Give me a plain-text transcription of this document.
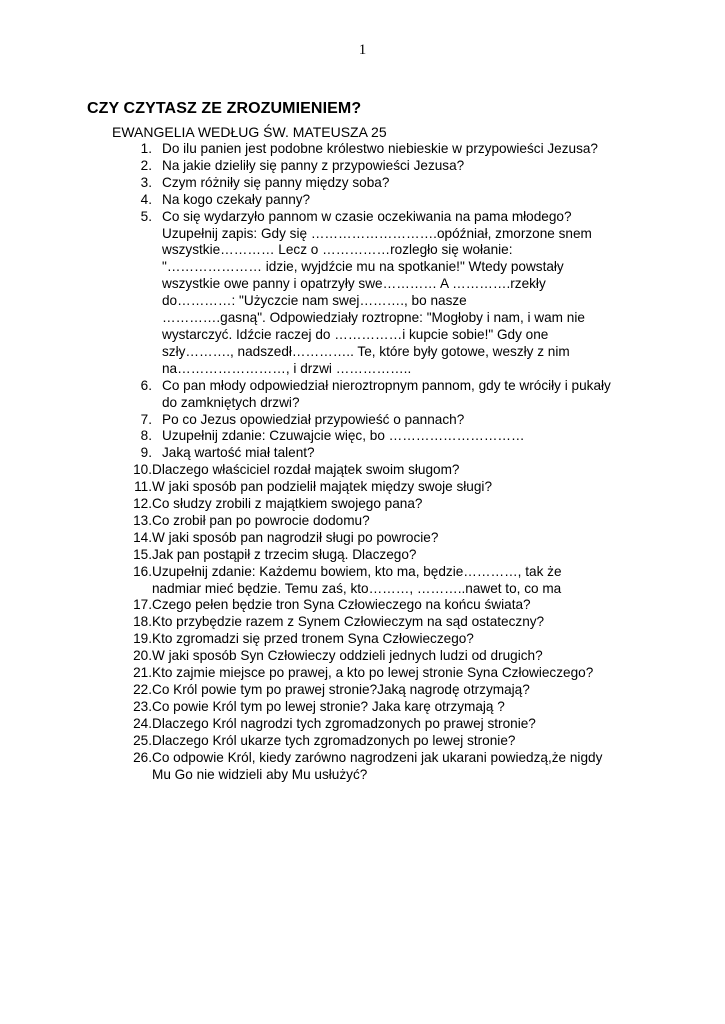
1
CZY CZYTASZ ZE ZROZUMIENIEM?
EWANGELIA WEDŁUG ŚW. MATEUSZA 25
1. Do ilu panien jest podobne królestwo niebieskie w przypowieści Jezusa?
2. Na jakie dzieliły się panny z przypowieści Jezusa?
3. Czym różniły się panny między soba?
4. Na kogo czekały panny?
5. Co się wydarzyło pannom w czasie oczekiwania na pama młodego?
Uzupełnij zapis: Gdy się ……………………….opóźniał, zmorzone snem
wszystkie………… Lecz o ……………rozległo się wołanie:
"………………… idzie, wyjdźcie mu na spotkanie!" Wtedy powstały
wszystkie owe panny i opatrzyły swe………… A ………….rzekły
do…………: "Użyczcie nam swej………., bo nasze
………….gasną". Odpowiedziały roztropne: "Mogłoby i nam, i wam nie
wystarczyć. Idźcie raczej do ……………i kupcie sobie!" Gdy one
szły………., nadszedł………….. Te, które były gotowe, weszły z nim
na……………………, i drzwi ……………..
6. Co pan młody odpowiedział nieroztropnym pannom, gdy te wróciły i pukały
do zamkniętych drzwi?
7. Po co Jezus opowiedział przypowieść o pannach?
8. Uzupełnij zdanie: Czuwajcie więc, bo …………………………
9. Jaką wartość miał talent?
10. Dlaczego właściciel rozdał majątek swoim sługom?
11. W jaki sposób pan podzielił majątek między swoje sługi?
12. Co słudzy zrobili z majątkiem swojego pana?
13. Co zrobił pan po powrocie dodomu?
14. W jaki sposób pan nagrodził sługi po powrocie?
15. Jak pan postąpił z trzecim sługą. Dlaczego?
16. Uzupełnij zdanie: Każdemu bowiem, kto ma, będzie…………, tak że
nadmiar mieć będzie. Temu zaś, kto………, ………..nawet to, co ma
17. Czego pełen będzie tron Syna Człowieczego na końcu świata?
18. Kto przybędzie razem z Synem Człowieczym na sąd ostateczny?
19. Kto zgromadzi się przed tronem Syna Człowieczego?
20. W jaki sposób Syn Człowieczy oddzieli jednych ludzi od drugich?
21. Kto zajmie miejsce po prawej, a kto po lewej stronie Syna Człowieczego?
22. Co Król powie tym po prawej stronie?Jaką nagrodę otrzymają?
23. Co powie Król tym po lewej stronie? Jaka karę otrzymają ?
24. Dlaczego Król nagrodzi tych zgromadzonych po prawej stronie?
25. Dlaczego Król ukarze tych zgromadzonych po lewej stronie?
26. Co odpowie Król, kiedy zarówno nagrodzeni jak ukarani powiedzą,że nigdy
Mu Go nie widzieli aby Mu usłużyć?
